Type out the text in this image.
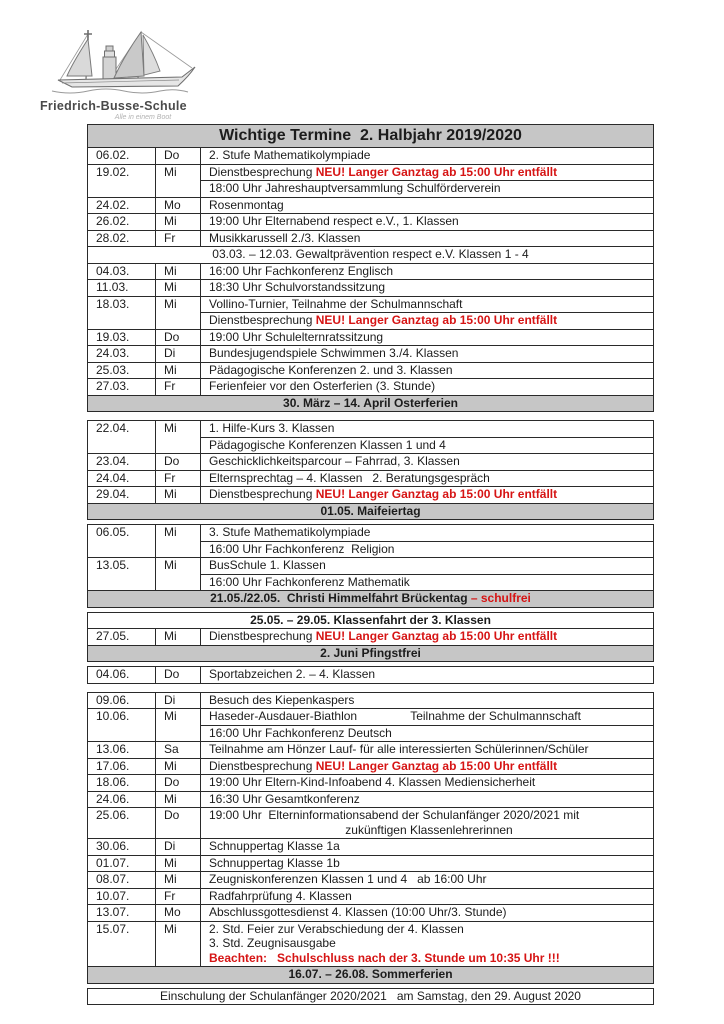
Friedrich-Busse-Schule
Alle in einem Boot
Wichtige Termine  2. Halbjahr 2019/2020		
06.02.	Do	2. Stufe Mathematikolympiade
19.02.	Mi	Dienstbesprechung NEU! Langer Ganztag ab 15:00 Uhr entfällt
		18:00 Uhr Jahreshauptversammlung Schulförderverein
24.02.	Mo	Rosenmontag
26.02.	Mi	19:00 Uhr Elternabend respect e.V., 1. Klassen
28.02.	Fr	Musikkarussell 2./3. Klassen
03.03. – 12.03. Gewaltprävention respect e.V. Klassen 1 - 4		
04.03.	Mi	16:00 Uhr Fachkonferenz Englisch
11.03.	Mi	18:30 Uhr Schulvorstandssitzung
18.03.	Mi	Vollino-Turnier, Teilnahme der Schulmannschaft
		Dienstbesprechung NEU! Langer Ganztag ab 15:00 Uhr entfällt
19.03.	Do	19:00 Uhr Schulelternratssitzung
24.03.	Di	Bundesjugendspiele Schwimmen 3./4. Klassen
25.03.	Mi	Pädagogische Konferenzen 2. und 3. Klassen
27.03.	Fr	Ferienfeier vor den Osterferien (3. Stunde)
30. März – 14. April Osterferien		

22.04.	Mi	1. Hilfe-Kurs 3. Klassen
		Pädagogische Konferenzen Klassen 1 und 4
23.04.	Do	Geschicklichkeitsparcour – Fahrrad, 3. Klassen
24.04.	Fr	Elternsprechtag – 4. Klassen   2. Beratungsgespräch
29.04.	Mi	Dienstbesprechung NEU! Langer Ganztag ab 15:00 Uhr entfällt
01.05. Maifeiertag		

06.05.	Mi	3. Stufe Mathematikolympiade
		16:00 Uhr Fachkonferenz  Religion
13.05.	Mi	BusSchule 1. Klassen
		16:00 Uhr Fachkonferenz Mathematik
21.05./22.05.  Christi Himmelfahrt Brückentag – schulfrei		

25.05. – 29.05. Klassenfahrt der 3. Klassen		
27.05.	Mi	Dienstbesprechung NEU! Langer Ganztag ab 15:00 Uhr entfällt
2. Juni Pfingstfrei		

04.06.	Do	Sportabzeichen 2. – 4. Klassen

09.06.	Di	Besuch des Kiepenkaspers
10.06.	Mi	Haseder-Ausdauer-Biathlon                Teilnahme der Schulmannschaft
		16:00 Uhr Fachkonferenz Deutsch
13.06.	Sa	Teilnahme am Hönzer Lauf- für alle interessierten Schülerinnen/Schüler
17.06.	Mi	Dienstbesprechung NEU! Langer Ganztag ab 15:00 Uhr entfällt
18.06.	Do	19:00 Uhr Eltern-Kind-Infoabend 4. Klassen Mediensicherheit
24.06.	Mi	16:30 Uhr Gesamtkonferenz
25.06.	Do	19:00 Uhr  Elterninformationsabend der Schulanfänger 2020/2021 mit
zukünftigen Klassenlehrerinnen

30.06.	Di	Schnuppertag Klasse 1a
01.07.	Mi	Schnuppertag Klasse 1b
08.07.	Mi	Zeugniskonferenzen Klassen 1 und 4   ab 16:00 Uhr
10.07.	Fr	Radfahrprüfung 4. Klassen
13.07.	Mo	Abschlussgottesdienst 4. Klassen (10:00 Uhr/3. Stunde)
15.07.	Mi	2. Std. Feier zur Verabschiedung der 4. Klassen
3. Std. Zeugnisausgabe
Beachten:   Schulschluss nach der 3. Stunde um 10:35 Uhr !!!

16.07. – 26.08. Sommerferien		

Einschulung der Schulanfänger 2020/2021   am Samstag, den 29. August 2020		
